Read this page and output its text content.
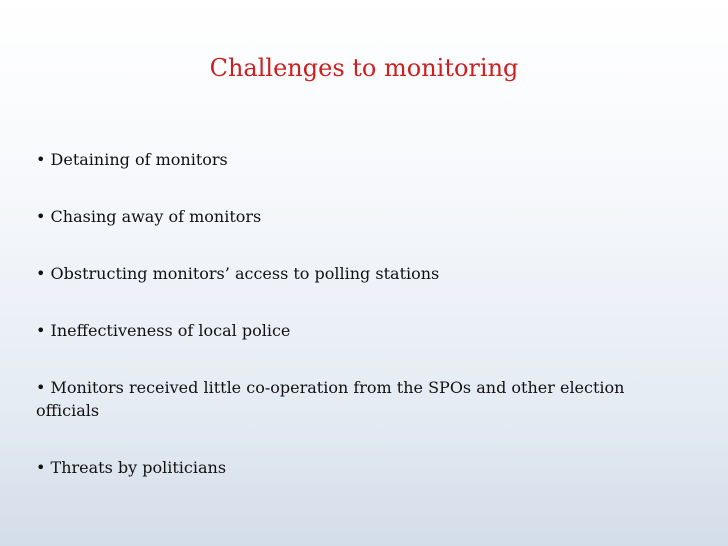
Challenges to monitoring
• Detaining of monitors
• Chasing away of monitors
• Obstructing monitors’ access to polling stations
• Ineffectiveness of local police
• Monitors received little co-operation from the SPOs and other election officials
• Threats by politicians
